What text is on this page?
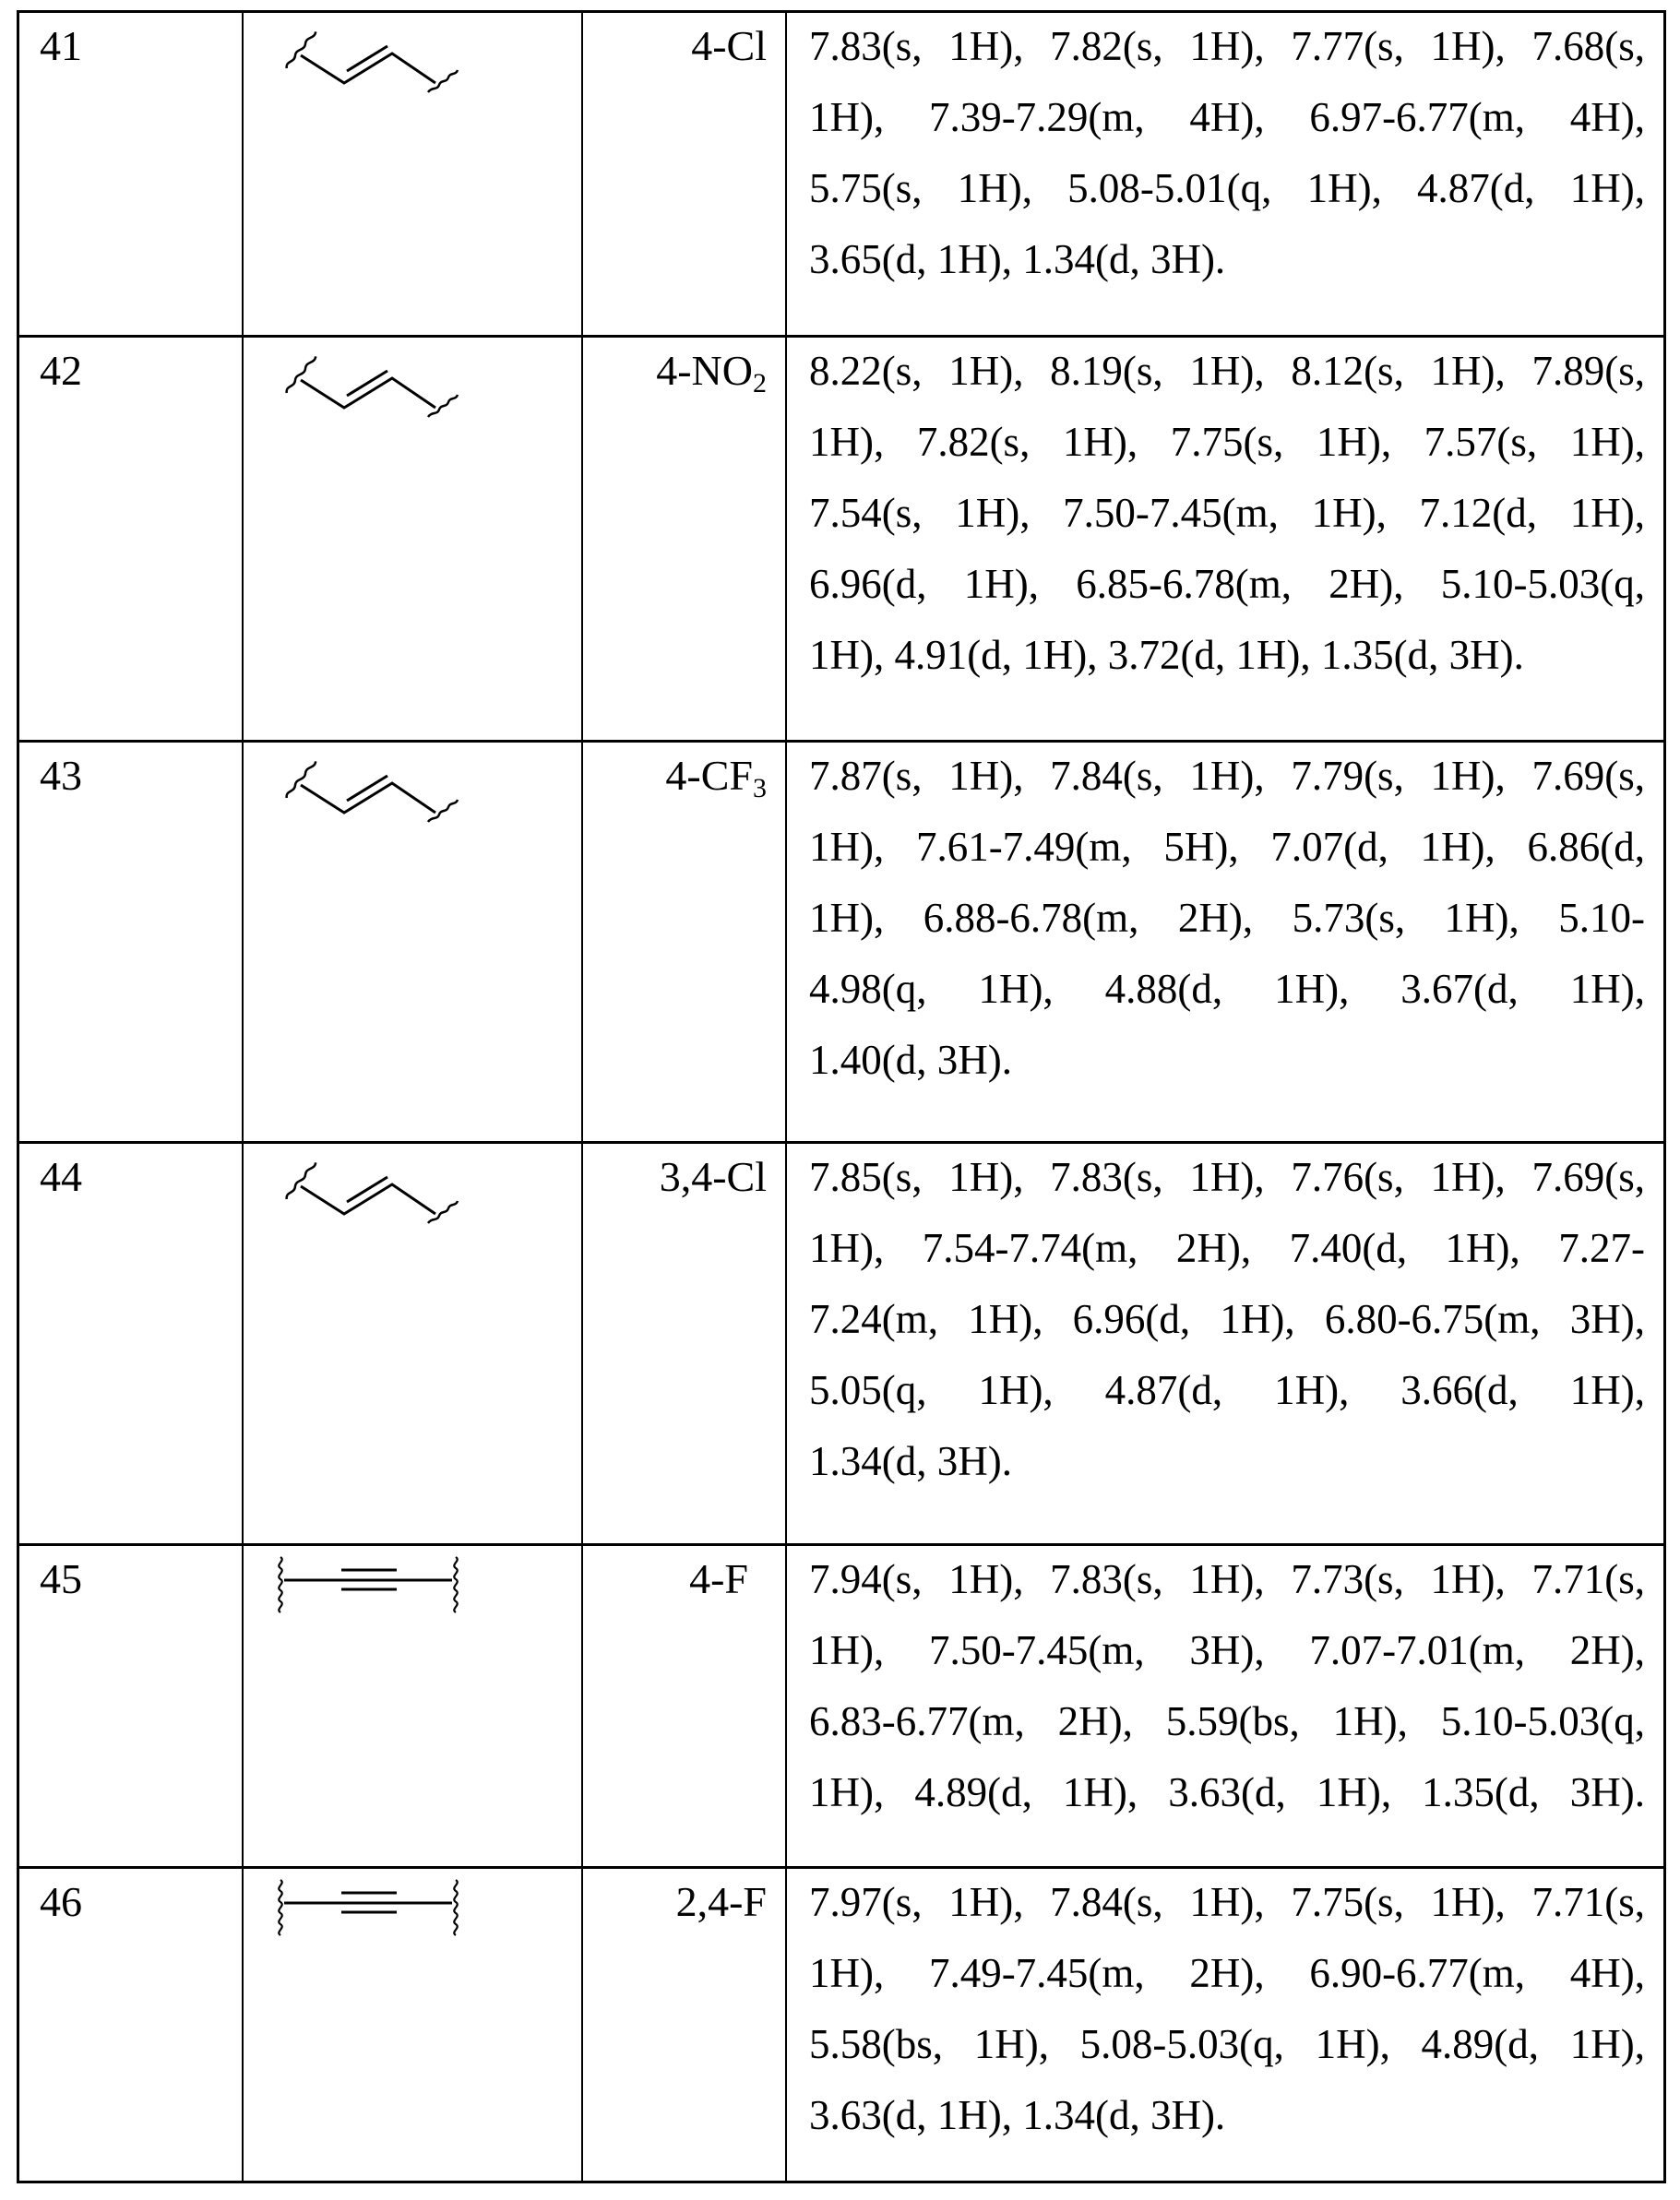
41	4-Cl 7.83(s, 1H), 7.82(s, 1H), 7.77(s, 1H), 7.68(s,
1H), 7.39-7.29(m, 4H), 6.97-6.77(m, 4H),
5.75(s, 1H), 5.08-5.01(q, 1H), 4.87(d, 1H),
3.65(d, 1H), 1.34(d, 3H).
42	$4-NO_2$ 8.22(s, 1H), 8.19(s, 1H), 8.12(s, 1H), 7.89(s,
1H), 7.82(s, 1H), 7.75(s, 1H), 7.57(s, 1H),
7.54(s, 1H), 7.50-7.45(m, 1H), 7.12(d, 1H),
6.96(d, 1H), 6.85-6.78(m, 2H), 5.10-5.03(q,
1H), 4.91(d, 1H), 3.72(d, 1H), 1.35(d, 3H).
43	$4-CF_3$ 7.87(s, 1H), 7.84(s, 1H), 7.79(s, 1H), 7.69(s,
1H), 7.61-7.49(m, 5H), 7.07(d, 1H), 6.86(d,
1H), 6.88-6.78(m, 2H), 5.73(s, 1H), 5.10-
4.98(q, 1H), 4.88(d, 1H), 3.67(d, 1H),
1.40(d, 3H).
44	3,4-Cl 7.85(s, 1H), 7.83(s, 1H), 7.76(s, 1H), 7.69(s,
1H), 7.54-7.74(m, 2H), 7.40(d, 1H), 7.27-
7.24(m, 1H), 6.96(d, 1H), 6.80-6.75(m, 3H),
5.05(q, 1H), 4.87(d, 1H), 3.66(d, 1H),
1.34(d, 3H).
45	4-F 7.94(s, 1H), 7.83(s, 1H), 7.73(s, 1H), 7.71(s,
1H), 7.50-7.45(m, 3H), 7.07-7.01(m, 2H),
6.83-6.77(m, 2H), 5.59(bs, 1H), 5.10-5.03(q,
1H), 4.89(d, 1H), 3.63(d, 1H), 1.35(d, 3H).
46	2,4-F 7.97(s, 1H), 7.84(s, 1H), 7.75(s, 1H), 7.71(s,
1H), 7.49-7.45(m, 2H), 6.90-6.77(m, 4H),
5.58(bs, 1H), 5.08-5.03(q, 1H), 4.89(d, 1H),
3.63(d, 1H), 1.34(d, 3H).
